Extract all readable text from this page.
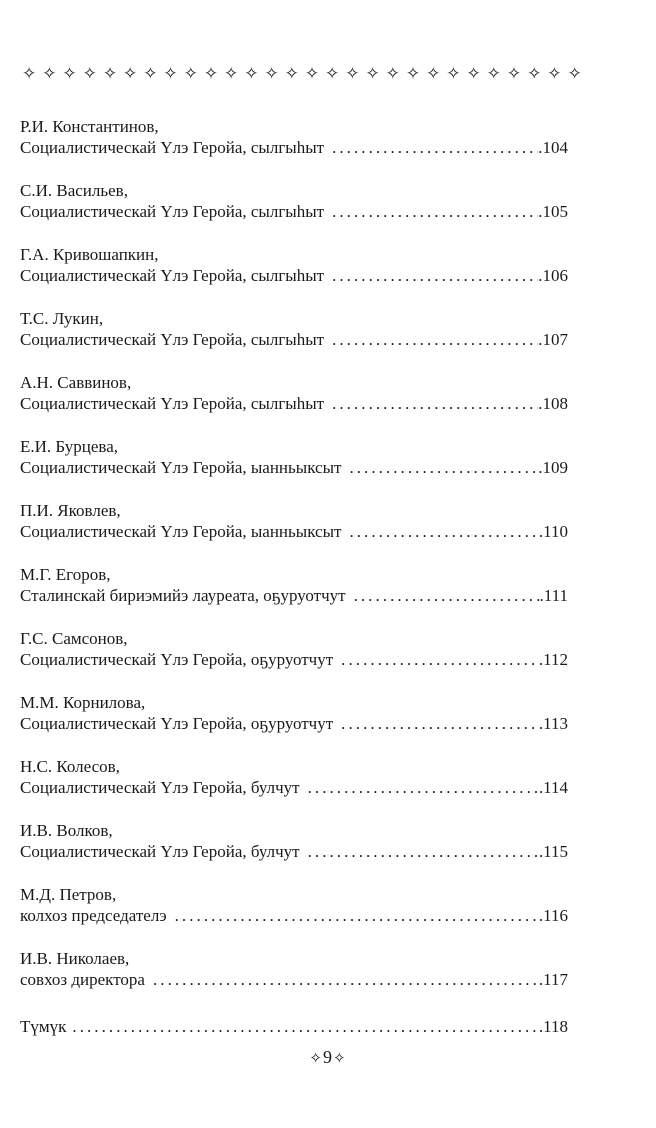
✧ ✧ ✧ ✧ ✧ ✧ ✧ ✧ ✧ ✧ ✧ ✧ ✧ ✧ ✧ ✧ ✧ ✧ ✧ ✧ ✧ ✧ ✧ ✧ ✧ ✧ ✧ ✧
Р.И. Константинов,
Социалистическай Үлэ Геройа, сылгыһыт . . .	.104
С.И. Васильев,
Социалистическай Үлэ Геройа, сылгыһыт . . .	.105
Г.А. Кривошапкин,
Социалистическай Үлэ Геройа, сылгыһыт . . .	.106
Т.С. Лукин,
Социалистическай Үлэ Геройа, сылгыһыт . . .	.107
А.Н. Саввинов,
Социалистическай Үлэ Геройа, сылгыһыт . . .	.108
Е.И. Бурцева,
Социалистическай Үлэ Геройа, ыанньыксыт . . .	.109
П.И. Яковлев,
Социалистическай Үлэ Геройа, ыанньыксыт . . .	.110
М.Г. Егоров,
Сталинскай бириэмийэ лауреата, оҕуруотчут . . .	.111
Г.С. Самсонов,
Социалистическай Үлэ Геройа, оҕуруотчут . . .	.112
М.М. Корнилова,
Социалистическай Үлэ Геройа, оҕуруотчут . . .	.113
Н.С. Колесов,
Социалистическай Үлэ Геройа, булчут . . .	.114
И.В. Волков,
Социалистическай Үлэ Геройа, булчут . . .	.115
М.Д. Петров,
колхоз председателэ . . .	.116
И.В. Николаев,
совхоз директора . . .	.117
Түмүк . . .	.118
✧9✧
